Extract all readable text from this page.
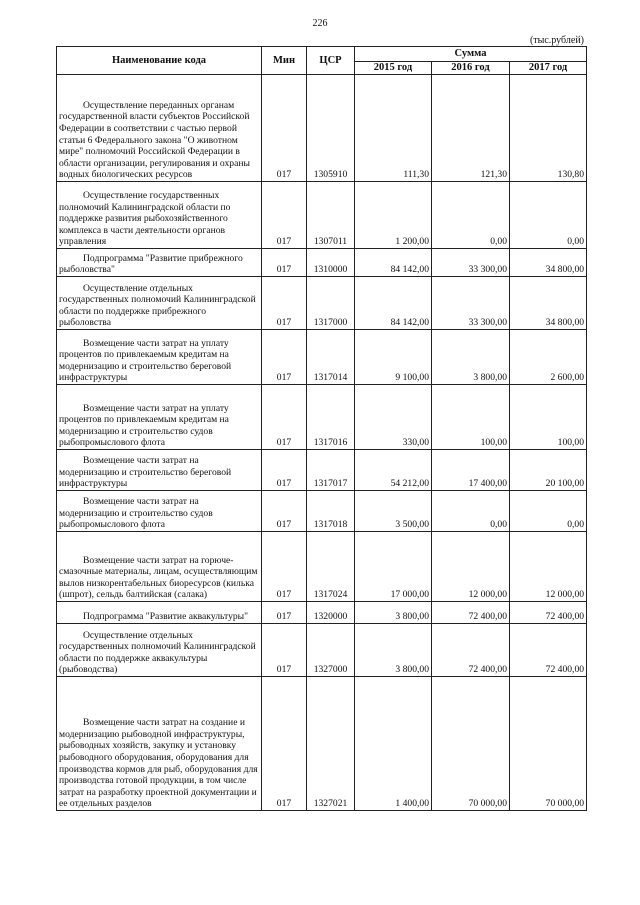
226
(тыс.рублей)
Наименование кода	Мин	ЦСР	Сумма		
			2015 год	2016 год	2017 год

Осуществление переданных органам государственной власти субъектов Российской Федерации в соответствии с частью первой статьи 6 Федерального закона "О животном мире" полномочий Российской Федерации в области организации, регулирования и охраны водных биологических ресурсов	017	1305910	111,30	121,30	130,80

Осуществление государственных полномочий Калининградской области по поддержке развития рыбохозяйственного комплекса в части деятельности органов управления	017	1307011	1 200,00	0,00	0,00

Подпрограмма "Развитие прибрежного рыболовства"	017	1310000	84 142,00	33 300,00	34 800,00

Осуществление отдельных государственных полномочий Калининградской области по поддержке прибрежного рыболовства	017	1317000	84 142,00	33 300,00	34 800,00

Возмещение части затрат на уплату процентов по привлекаемым кредитам на модернизацию и строительство береговой инфраструктуры	017	1317014	9 100,00	3 800,00	2 600,00

Возмещение части затрат на уплату процентов по привлекаемым кредитам на модернизацию и строительство судов рыбопромыслового флота	017	1317016	330,00	100,00	100,00

Возмещение части затрат на модернизацию и строительство береговой инфраструктуры	017	1317017	54 212,00	17 400,00	20 100,00

Возмещение части затрат на модернизацию и строительство судов рыбопромыслового флота	017	1317018	3 500,00	0,00	0,00

Возмещение части затрат на горюче-смазочные материалы, лицам, осуществляющим вылов низкорентабельных биоресурсов (килька (шпрот), сельдь балтийская (салака)	017	1317024	17 000,00	12 000,00	12 000,00

Подпрограмма "Развитие аквакультуры"	017	1320000	3 800,00	72 400,00	72 400,00

Осуществление отдельных государственных полномочий Калининградской области по поддержке аквакультуры (рыбоводства)	017	1327000	3 800,00	72 400,00	72 400,00

Возмещение части затрат на создание и модернизацию рыбоводной инфраструктуры, рыбоводных хозяйств, закупку и установку рыбоводного оборудования, оборудования для производства кормов для рыб, оборудования для производства готовой продукции, в том числе затрат на разработку проектной документации и ее отдельных разделов	017	1327021	1 400,00	70 000,00	70 000,00
